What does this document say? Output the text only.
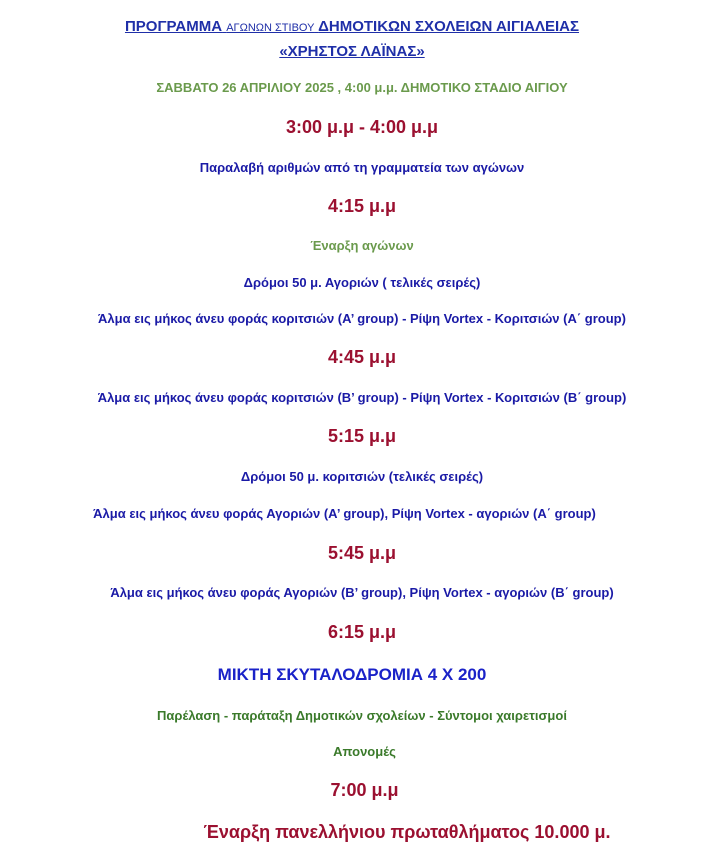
ΠΡΟΓΡΑΜΜΑ ΑΓΩΝΩΝ ΣΤΙΒΟΥ ΔΗΜΟΤΙΚΩΝ ΣΧΟΛΕΙΩΝ ΑΙΓΙΑΛΕΙΑΣ
«ΧΡΗΣΤΟΣ ΛΑΪΝΑΣ»
ΣΑΒΒΑΤΟ 26 ΑΠΡΙΛΙΟΥ 2025 , 4:00 μ.μ. ΔΗΜΟΤΙΚΟ ΣΤΑΔΙΟ ΑΙΓΙΟΥ
3:00 μ.μ - 4:00 μ.μ
Παραλαβή αριθμών από τη γραμματεία των αγώνων
4:15 μ.μ
Έναρξη αγώνων
Δρόμοι 50 μ. Αγοριών ( τελικές σειρές)
Άλμα εις μήκος άνευ φοράς κοριτσιών (Α’ group) - Ρίψη Vortex - Κοριτσιών (Α΄ group)
4:45 μ.μ
Άλμα εις μήκος άνευ φοράς κοριτσιών (Β’ group) - Ρίψη Vortex - Κοριτσιών (Β΄ group)
5:15 μ.μ
Δρόμοι 50 μ. κοριτσιών (τελικές σειρές)
Άλμα εις μήκος άνευ φοράς Αγοριών (Α’ group), Ρίψη Vortex - αγοριών (Α΄ group)
5:45 μ.μ
Άλμα εις μήκος άνευ φοράς Αγοριών (Β’ group), Ρίψη Vortex - αγοριών (Β΄ group)
6:15 μ.μ
ΜΙΚΤΗ ΣΚΥΤΑΛΟΔΡΟΜΙΑ 4 Χ 200
Παρέλαση - παράταξη Δημοτικών σχολείων - Σύντομοι χαιρετισμοί
Απονομές
7:00 μ.μ
Έναρξη πανελλήνιου πρωταθλήματος 10.000 μ.
